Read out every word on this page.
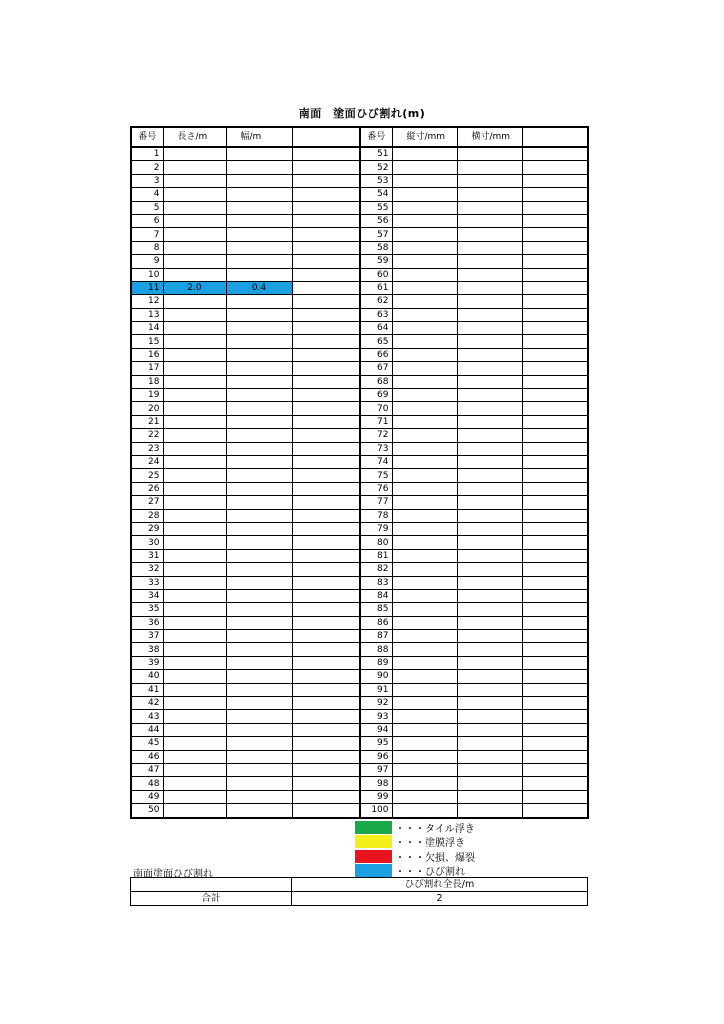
南面　塗面ひび割れ(m)
番号	長さ/m	幅/m		番号	縦寸/mm	横寸/mm	
1				51			
2				52			
3				53			
4				54			
5				55			
6				56			
7				57			
8				58			
9				59			
10				60			
11	2.0	0.4		61			
12				62			
13				63			
14				64			
15				65			
16				66			
17				67			
18				68			
19				69			
20				70			
21				71			
22				72			
23				73			
24				74			
25				75			
26				76			
27				77			
28				78			
29				79			
30				80			
31				81			
32				82			
33				83			
34				84			
35				85			
36				86			
37				87			
38				88			
39				89			
40				90			
41				91			
42				92			
43				93			
44				94			
45				95			
46				96			
47				97			
48				98			
49				99			
50				100			
・・・タイル浮き
・・・塗膜浮き
・・・欠損、爆裂
・・・ひび割れ
南面塗面ひび割れ
	ひび割れ全長/m
合計	2
